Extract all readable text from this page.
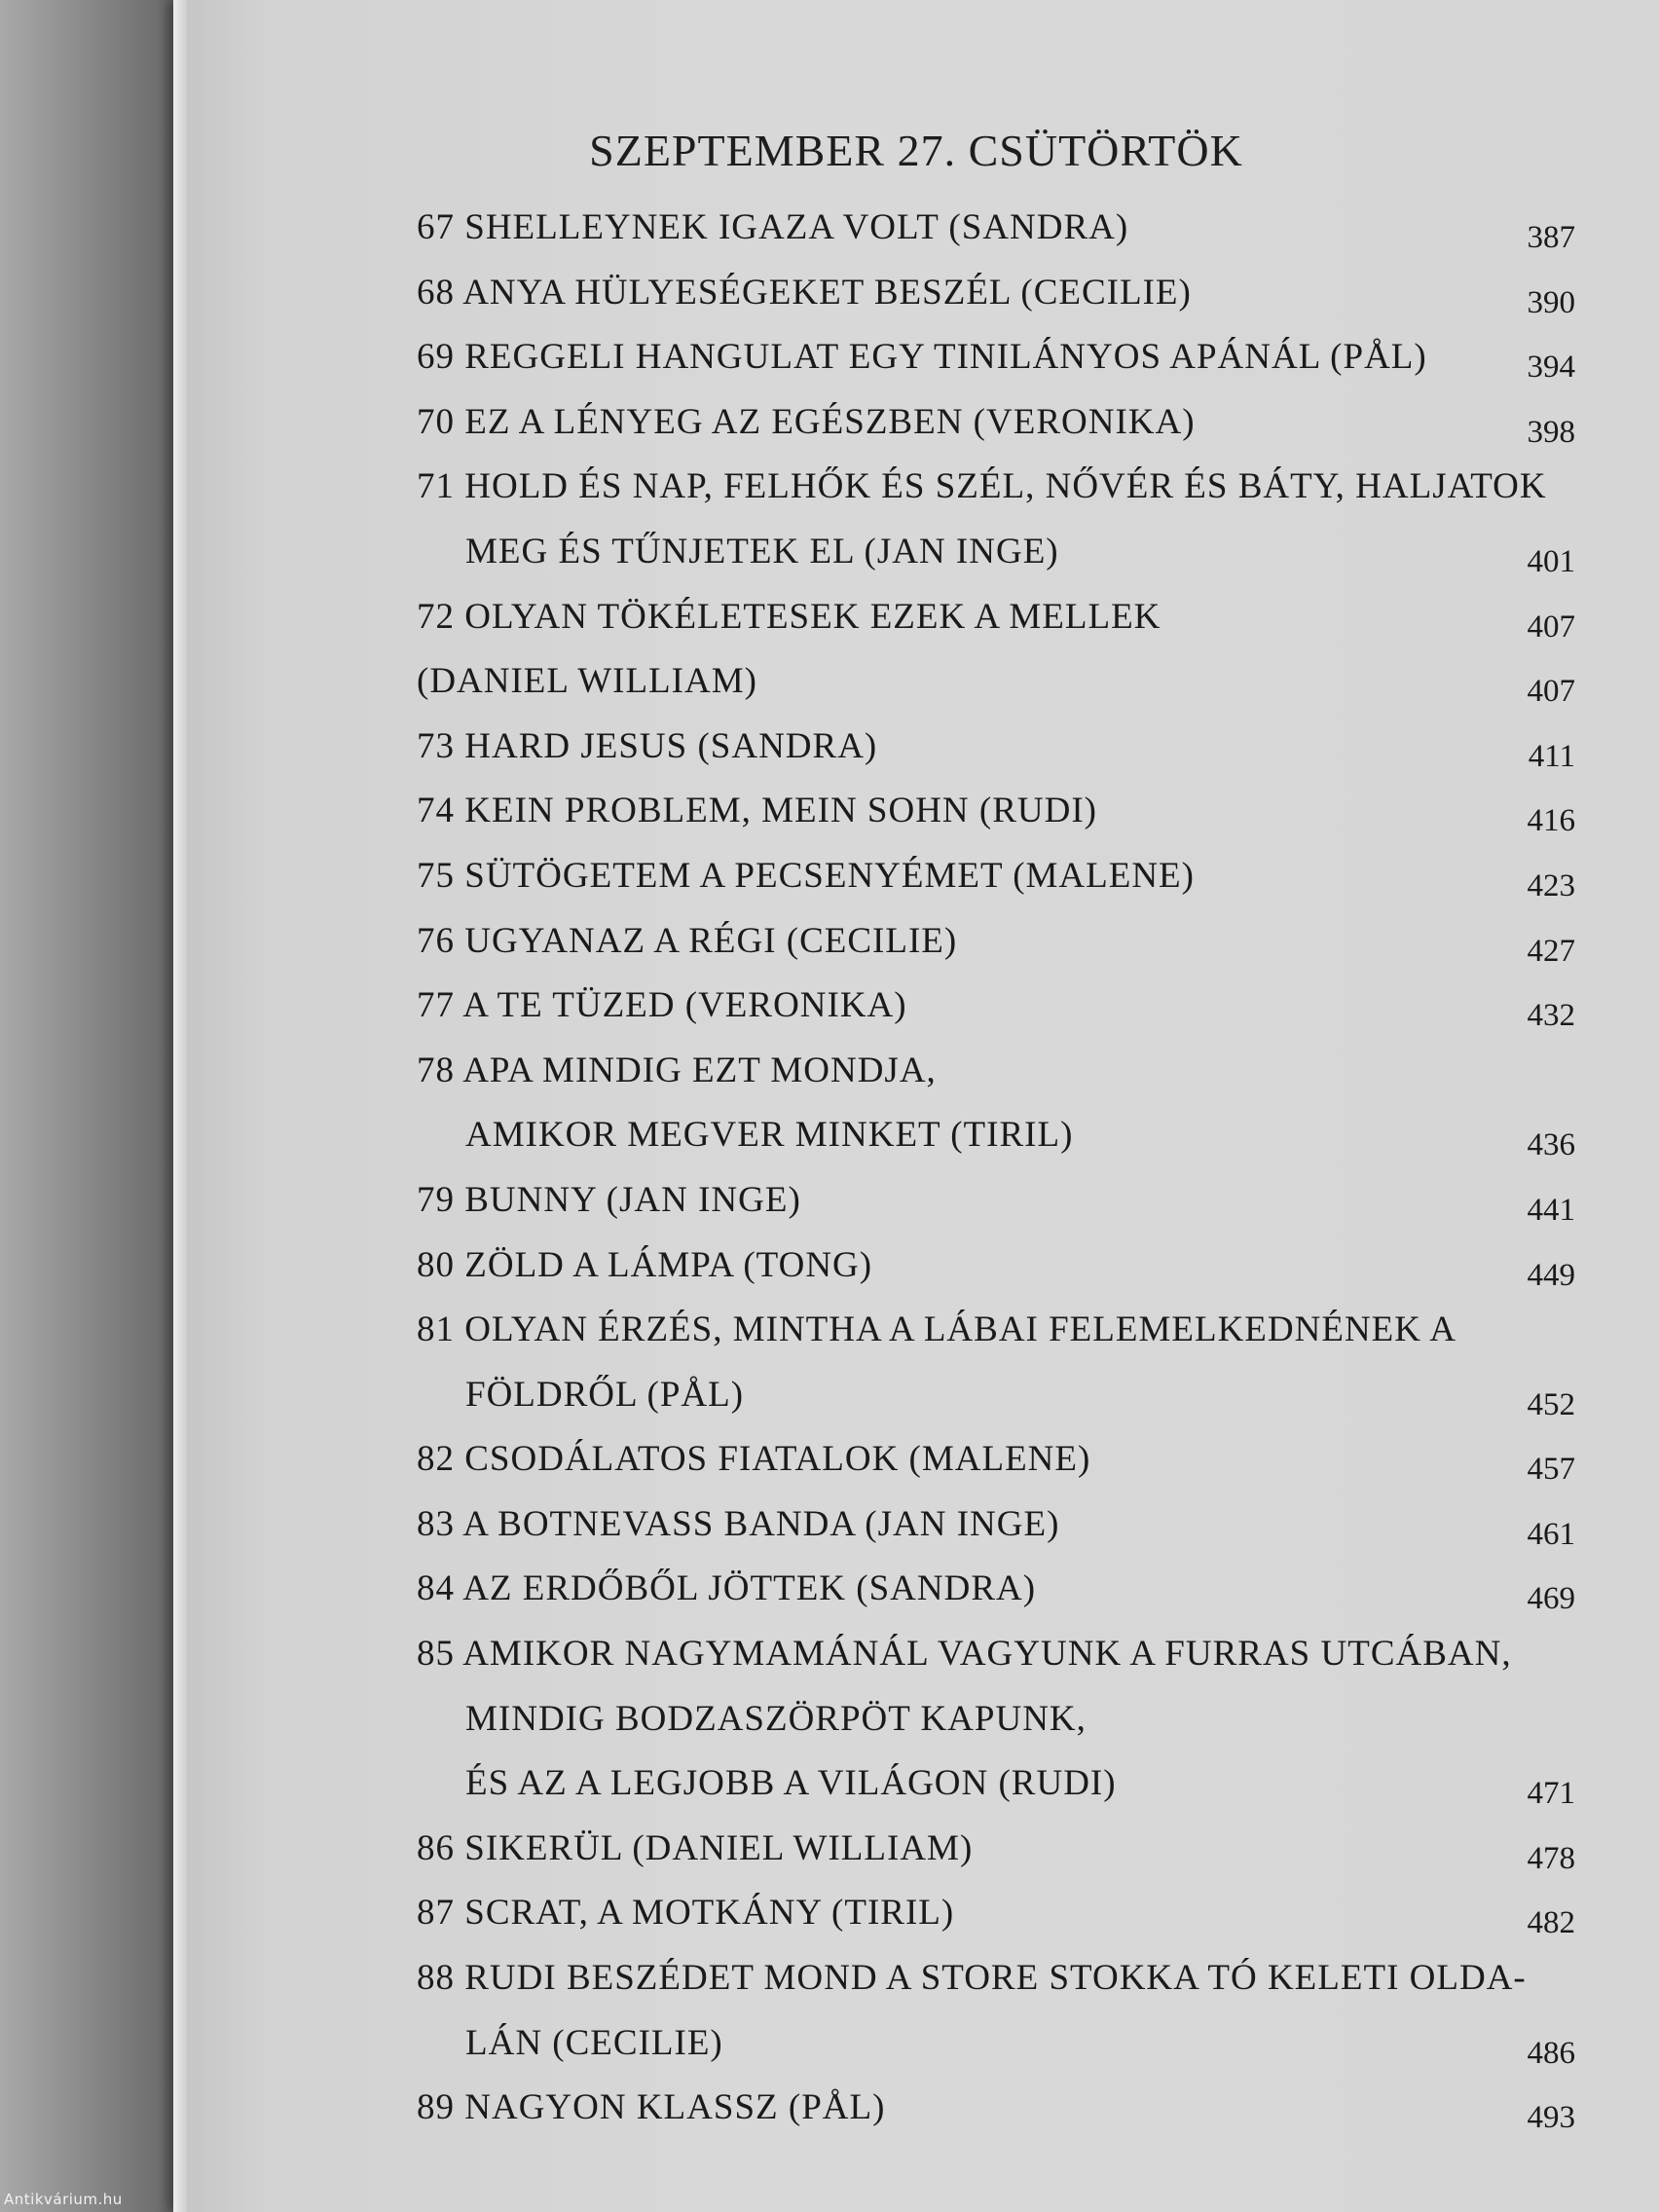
SZEPTEMBER 27. CSÜTÖRTÖK
67 SHELLEYNEK IGAZA VOLT (SANDRA)	387
68 ANYA HÜLYESÉGEKET BESZÉL (CECILIE)	390
69 REGGELI HANGULAT EGY TINILÁNYOS APÁNÁL (PÅL)	394
70 EZ A LÉNYEG AZ EGÉSZBEN (VERONIKA)	398
71 HOLD ÉS NAP, FELHŐK ÉS SZÉL, NŐVÉR ÉS BÁTY, HALJATOK
MEG ÉS TŰNJETEK EL (JAN INGE)	401
72 OLYAN TÖKÉLETESEK EZEK A MELLEK	407
(DANIEL WILLIAM)	407
73 HARD JESUS (SANDRA)	411
74 KEIN PROBLEM, MEIN SOHN (RUDI)	416
75 SÜTÖGETEM A PECSENYÉMET (MALENE)	423
76 UGYANAZ A RÉGI (CECILIE)	427
77 A TE TÜZED (VERONIKA)	432
78 APA MINDIG EZT MONDJA,
AMIKOR MEGVER MINKET (TIRIL)	436
79 BUNNY (JAN INGE)	441
80 ZÖLD A LÁMPA (TONG)	449
81 OLYAN ÉRZÉS, MINTHA A LÁBAI FELEMELKEDNÉNEK A
FÖLDRŐL (PÅL)	452
82 CSODÁLATOS FIATALOK (MALENE)	457
83 A BOTNEVASS BANDA (JAN INGE)	461
84 AZ ERDŐBŐL JÖTTEK (SANDRA)	469
85 AMIKOR NAGYMAMÁNÁL VAGYUNK A FURRAS UTCÁBAN,
MINDIG BODZASZÖRPÖT KAPUNK,
ÉS AZ A LEGJOBB A VILÁGON (RUDI)	471
86 SIKERÜL (DANIEL WILLIAM)	478
87 SCRAT, A MOTKÁNY (TIRIL)	482
88 RUDI BESZÉDET MOND A STORE STOKKA TÓ KELETI OLDA-
LÁN (CECILIE)	486
89 NAGYON KLASSZ (PÅL)	493
Antikvárium.hu
